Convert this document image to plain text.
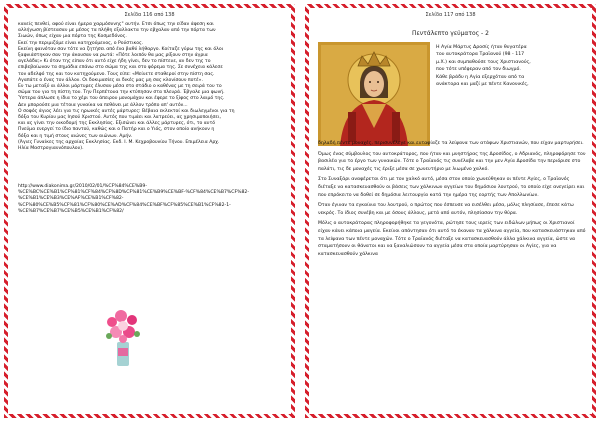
Σελίδα 116 από 138

κανείς πενθεί, αφού είναι ήμερα χαρμόσυνης" αυτήν. Ετσι όπως την είδαν άφεση και

αλλήγωση βίστεασαν με μέσος τα πλήθη εξαλλακτα την εβχαλαν από την πόρτα των

Σιωών, όπως είχαν μια πόρτα της Κοσμεδόνος.

Εκεί την περιμιζόμε είναι κατηχούμενος, ο Ρούστικος.

Εκείνη φαινόταν σαν τότε να ζητήσει από ένα βαθύ λήθαργο. Κοίταζε γύρω της και όλοι

ξαφνιάστηκαν σαν την άκουσαν να ρωτά: «Πότε λοιπόν θα μας ρίξουν στην άγρια

αγελάδα;» Κι όταν της είπαν ότι αυτό είχε ήδη γίνει, δεν το πίστευε, αν δεν της το

επιβεβαίωναν τα σημάδια επάνω στο σώμα της και στο φόρεμα της. Σε συνέχεια κάλεσε

τον αδελφό της και τον κατηχούμενο. Τους είπε: «Μείνετε σταθεροί στην πίστη σας.

Αγαπάτε ο ένας τον άλλον. Οι δοκιμασίες αι δικές μας μη σας κλονίσουν ποτέ».

Εν τω μεταξύ αι άλλοι μάρτυρες έλυσαν μέσα στο στάδιο ο καθένας με τη σειρά του το

σώμα του για τη πίστη του. Την Περπέτουα την κτύπησαν στα πλευρά. Έβγαλε μια φωνή.

Ύστερα άπλωσε η ίδια το χέρι του άπειρου μονομάχου και έφερε το ξίφος στο λαιμό της.

Δεν μπορούσε μια τέτοια γυναίκα να πεθάνει με άλλον τρόπο απ' αυτόν...

Ο σοφός άγιος λέει για τις ηρωικές αυτές μάρτυρες: Βέβαια εκλεκτοί και διωλεγμένοι για τη

δόξα του Κυρίου μας Ιησού Χριστού. Αυτός που τιμάει και λατρεύει, ας χρησιμοποιήσει,

και ας γίνει την οικοδομή της Εκκλησίας. Εξισώνει και άλλες μάρτυρες, ότι, το αυτό

Πνεύμα ενεργεί το ίδιο παντού, καθώς και ο Πατήρ και ο Υιός, στον οποίο ανήκουν η

δόξα και η τιμή στους αιώνες των αιώνων. Αμήν.

(Άγιες Γυναίκες της αρχαίας Εκκλησίας. Εκδ. Ι. Μ. Κεχροβουνίου Τήνου. Επιμέλεια Αρχ.

Ηλία Μαστρογιαννόπουλου).

http://www.diakonima.gr/2010/02/01/%CF%84%CE%B9-
%CE%BC%CE%B1%CF%81%CF%84%CF%8D%CF%81%CE%B9%CE%BF-%CF%84%CE%B7%CF%82-
%CE%B1%CE%B3%CE%AF%CE%B1%CF%82-
%CF%80%CE%B5%CF%81%CF%80%CE%AD%CF%84%CE%BF%CF%85%CE%B1%CF%82-1-
%CE%B7%CE%B7%CE%B5%CE%B1%CF%82/
Σελίδα 117 από 138
Πεντάλεπτο γεύματος - 2
Η Αγία Μάρτυς Δροσίς ήταν θυγατέρα
του αυτοκράτορα Τραϊανού (98 - 117
μ.Χ.) και συμπαθούσε τους Χριστιανούς,
που τότε υπέφεραν από τον διωγμό.
Κάθε βράδυ η Αγία εξερχόταν από τα
ανάκτορα και μαζί με πέντε Κανονικές,

δηλαδή πέντε μοναχές, περισυνέλεγε και ενταφίαζε τα λείψανα των ατάφων Χριστιανών, που είχαν μαρτυρήσει.

Όμως ένας σύμβουλος του αυτοκράτορος, που ήταν και μνηστήρας της Δροσίδος, ο Αδριανός, πληροφόρησε τον βασιλέα για το έργο των γυναικών. Τότε ο Τραϊανός τις συνέλαβε και την μεν Αγία Δροσίδα την περιόρισε στο παλάτι, τις δε μοναχές τις έριξε μέσα σε χωνευτήριο με λιωμένο χαλκό.

Στο Συναξάρι αναφέρεται ότι με τον χαλκό αυτό, μέσα στον οποίο χωνεύθηκαν οι πέντε Αγίες, ο Τραϊανός διέταξε να κατασκευασθούν οι βάσεις των χάλκινων αγγείων του δημόσιου λουτρού, το οποίο είχε ανεγείρει και που επρόκειτο να δοθεί σε δημόσια λειτουργία κατά την ημέρα της εορτής των Απολλωνίων.

Όταν έγιναν τα εγκαίνια του λουτρού, ο πρώτος που έσπευσε να εισέλθει μέσα, μόλις πλησίασε, έπεσε κάτω νεκρός. Το ίδιος συνέβη και με όσους άλλους, μετά από αυτόν, πλησίασαν την θύρα.

Μόλις ο αυτοκράτορας πληροφορήθηκε τα γεγονότα, ρώτησε τους ιερείς των ειδώλων μήπως οι Χριστιανοί είχαν κάνει κάποια μαγεία. Εκείνοι απάντησαν ότι αυτό το έκαναν τα χάλκινα αγγεία, που κατασκευάστηκαν από τα λείψανα των πέντε μοναχών. Τότε ο Τραϊανός διέταξε να κατασκευασθούν άλλα χάλκινα αγγεία, ώστε να σταματήσουν οι θάνατοι και να ξαναλιώσουν τα αγγεία μέσα στα οποία μαρτύρησαν οι Αγίες, για να κατασκευασθούν χάλκινα
